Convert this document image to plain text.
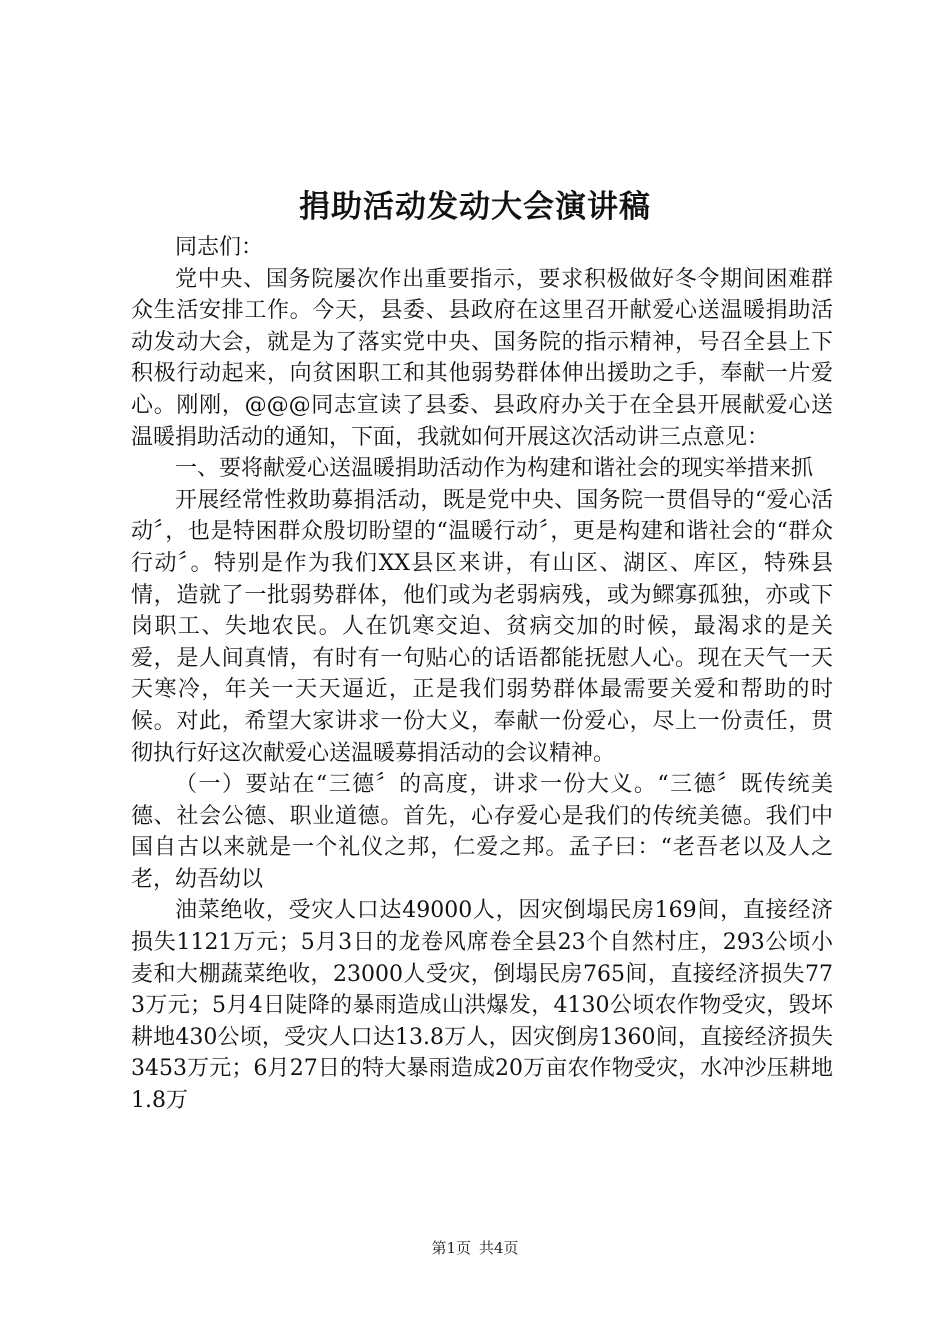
捐助活动发动大会演讲稿

同志们：

党中央、国务院屡次作出重要指示，要求积极做好冬令期间困难群众生活安排工作。今天，县委、县政府在这里召开献爱心送温暖捐助活动发动大会，就是为了落实党中央、国务院的指示精神，号召全县上下积极行动起来，向贫困职工和其他弱势群体伸出援助之手，奉献一片爱心。刚刚，@@@同志宣读了县委、县政府办关于在全县开展献爱心送温暖捐助活动的通知，下面，我就如何开展这次活动讲三点意见：

一、要将献爱心送温暖捐助活动作为构建和谐社会的现实举措来抓

开展经常性救助募捐活动，既是党中央、国务院一贯倡导的“爱心活动〞，也是特困群众殷切盼望的“温暖行动〞，更是构建和谐社会的“群众行动〞。特别是作为我们XX县区来讲，有山区、湖区、库区，特殊县情，造就了一批弱势群体，他们或为老弱病残，或为鳏寡孤独，亦或下岗职工、失地农民。人在饥寒交迫、贫病交加的时候，最渴求的是关爱，是人间真情，有时有一句贴心的话语都能抚慰人心。现在天气一天天寒冷，年关一天天逼近，正是我们弱势群体最需要关爱和帮助的时候。对此，希望大家讲求一份大义，奉献一份爱心，尽上一份责任，贯彻执行好这次献爱心送温暖募捐活动的会议精神。

（一）要站在“三德〞的高度，讲求一份大义。“三德〞既传统美德、社会公德、职业道德。首先，心存爱心是我们的传统美德。我们中国自古以来就是一个礼仪之邦，仁爱之邦。孟子曰：“老吾老以及人之老，幼吾幼以

油菜绝收，受灾人口达49000人，因灾倒塌民房169间，直接经济损失1121万元；5月3日的龙卷风席卷全县23个自然村庄，293公顷小麦和大棚蔬菜绝收，23000人受灾，倒塌民房765间，直接经济损失773万元；5月4日陡降的暴雨造成山洪爆发，4130公顷农作物受灾，毁坏耕地430公顷，受灾人口达13.8万人，因灾倒房1360间，直接经济损失3453万元；6月27日的特大暴雨造成20万亩农作物受灾，水冲沙压耕地1.8万

第1页 共4页
